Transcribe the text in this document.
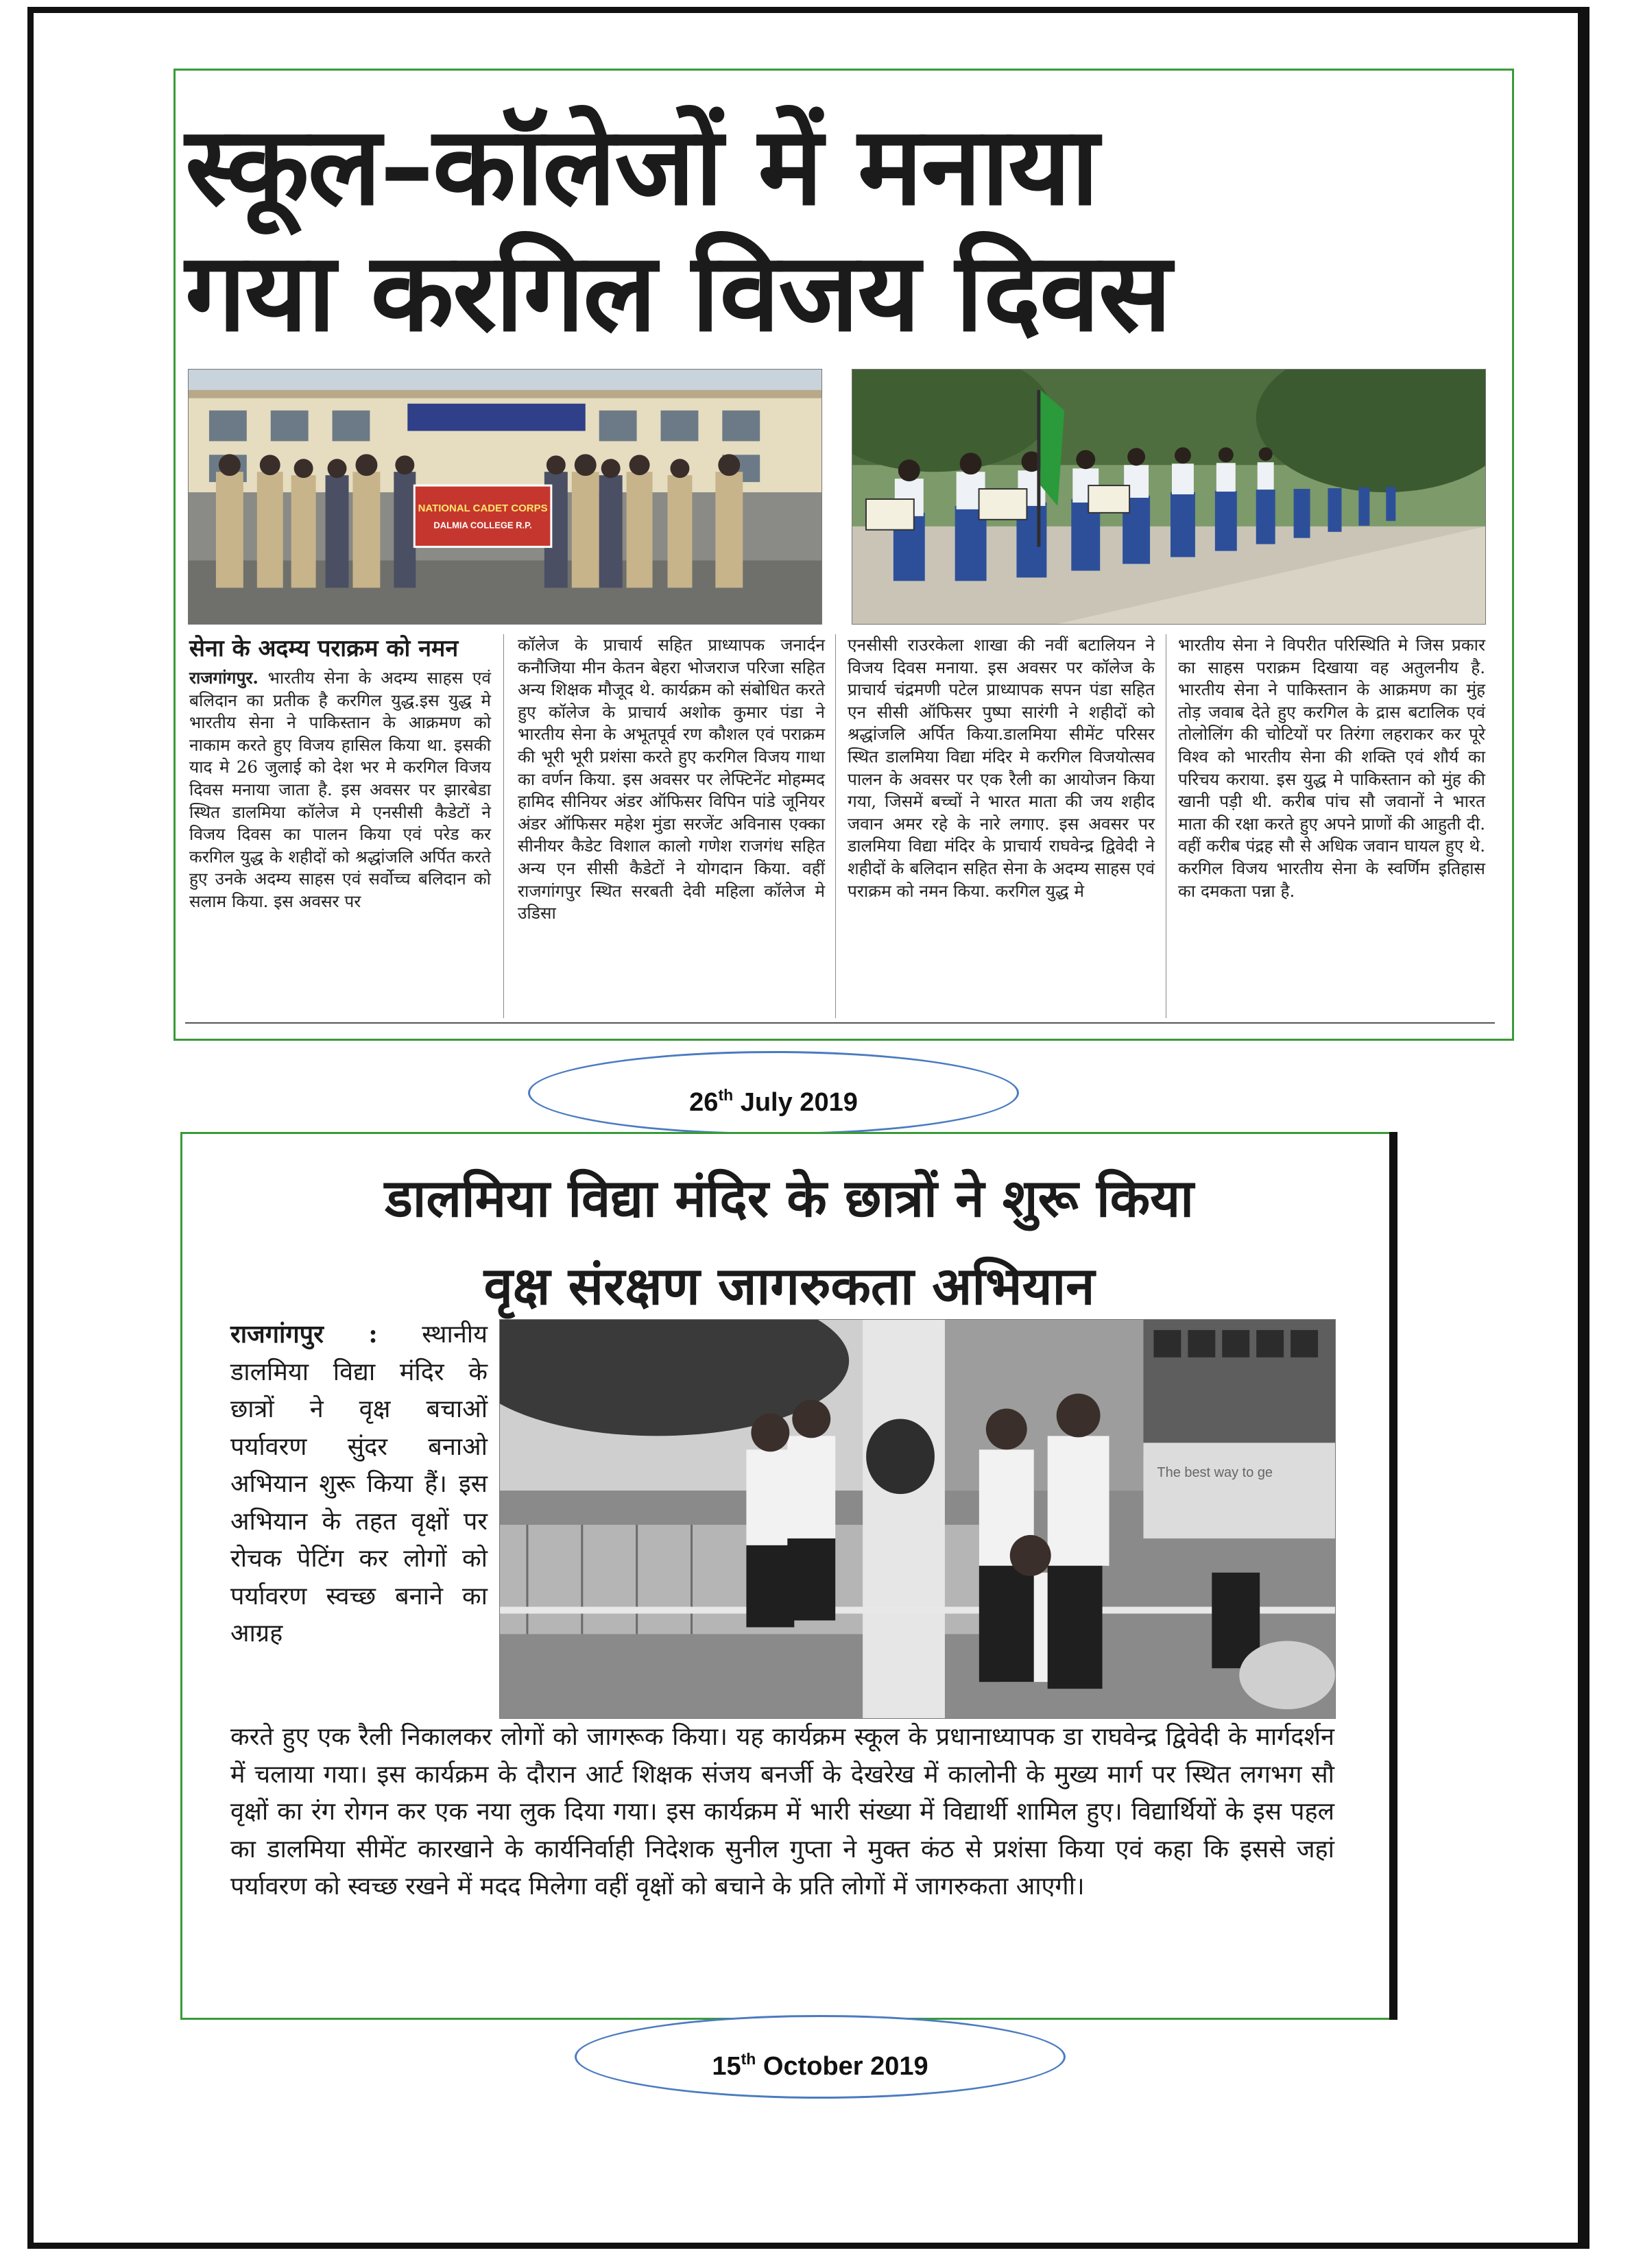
स्कूल–कॉलेजों में मनाया
गया करगिल विजय दिवस
NATIONAL CADET CORPS
DALMIA COLLEGE R.P.
सेना के अदम्य पराक्रम को नमन
राजगांगपुर. भारतीय सेना के अदम्य साहस एवं बलिदान का प्रतीक है करगिल युद्ध.इस युद्ध मे भारतीय सेना ने पाकिस्तान के आक्रमण को नाकाम करते हुए विजय हासिल किया था. इसकी याद मे 26 जुलाई को देश भर मे करगिल विजय दिवस मनाया जाता है. इस अवसर पर झारबेडा स्थित डालमिया कॉलेज मे एनसीसी कैडेटों ने विजय दिवस का पालन किया एवं परेड कर करगिल युद्ध के शहीदों को श्रद्धांजलि अर्पित करते हुए उनके अदम्य साहस एवं सर्वोच्च बलिदान को सलाम किया. इस अवसर पर
कॉलेज के प्राचार्य सहित प्राध्यापक जनार्दन कनौजिया मीन केतन बेहरा भोजराज परिजा सहित अन्य शिक्षक मौजूद थे. कार्यक्रम को संबोधित करते हुए कॉलेज के प्राचार्य अशोक कुमार पंडा ने भारतीय सेना के अभूतपूर्व रण कौशल एवं पराक्रम की भूरी भूरी प्रशंसा करते हुए करगिल विजय गाथा का वर्णन किया. इस अवसर पर लेफ्टिनेंट मोहम्मद हामिद सीनियर अंडर ऑफिसर विपिन पांडे जूनियर अंडर ऑफिसर महेश मुंडा सरजेंट अविनास एक्का सीनीयर कैडेट विशाल कालो गणेश राजगंध सहित अन्य एन सीसी कैडेटों ने योगदान किया. वहीं राजगांगपुर स्थित सरबती देवी महिला कॉलेज मे उडिसा
एनसीसी राउरकेला शाखा की नवीं बटालियन ने विजय दिवस मनाया. इस अवसर पर कॉलेज के प्राचार्य चंद्रमणी पटेल प्राध्यापक सपन पंडा सहित एन सीसी ऑफिसर पुष्पा सारंगी ने शहीदों को श्रद्धांजलि अर्पित किया.डालमिया सीमेंट परिसर स्थित डालमिया विद्या मंदिर मे करगिल विजयोत्सव पालन के अवसर पर एक रैली का आयोजन किया गया, जिसमें बच्चों ने भारत माता की जय शहीद जवान अमर रहे के नारे लगाए. इस अवसर पर डालमिया विद्या मंदिर के प्राचार्य राघवेन्द्र द्विवेदी ने शहीदों के बलिदान सहित सेना के अदम्य साहस एवं पराक्रम को नमन किया. करगिल युद्ध मे
भारतीय सेना ने विपरीत परिस्थिति मे जिस प्रकार का साहस पराक्रम दिखाया वह अतुलनीय है. भारतीय सेना ने पाकिस्तान के आक्रमण का मुंह तोड़ जवाब देते हुए करगिल के द्रास बटालिक एवं तोलोलिंग की चोटियों पर तिरंगा लहराकर कर पूरे विश्व को भारतीय सेना की शक्ति एवं शौर्य का परिचय कराया. इस युद्ध मे पाकिस्तान को मुंह की खानी पड़ी थी. करीब पांच सौ जवानों ने भारत माता की रक्षा करते हुए अपने प्राणों की आहुती दी. वहीं करीब पंद्रह सौ से अधिक जवान घायल हुए थे. करगिल विजय भारतीय सेना के स्वर्णिम इतिहास का दमकता पन्ना है.
26th July 2019
डालमिया विद्या मंदिर के छात्रों ने शुरू किया
वृक्ष संरक्षण जागरुकता अभियान
राजगांगपुर : स्थानीय डालमिया विद्या मंदिर के छात्रों ने वृक्ष बचाओं पर्यावरण सुंदर बनाओ अभियान शुरू किया हैं। इस अभियान के तहत वृक्षों पर रोचक पेटिंग कर लोगों को पर्यावरण स्वच्छ बनाने का आग्रह
The best way to ge
करते हुए एक रैली निकालकर लोगों को जागरूक किया। यह कार्यक्रम स्कूल के प्रधानाध्यापक डा राघवेन्द्र द्विवेदी के मार्गदर्शन में चलाया गया। इस कार्यक्रम के दौरान आर्ट शिक्षक संजय बनर्जी के देखरेख में कालोनी के मुख्य मार्ग पर स्थित लगभग सौ वृक्षों का रंग रोगन कर एक नया लुक दिया गया। इस कार्यक्रम में भारी संख्या में विद्यार्थी शामिल हुए। विद्यार्थियों के इस पहल का डालमिया सीमेंट कारखाने के कार्यनिर्वाही निदेशक सुनील गुप्ता ने मुक्त कंठ से प्रशंसा किया एवं कहा कि इससे जहां पर्यावरण को स्वच्छ रखने में मदद मिलेगा वहीं वृक्षों को बचाने के प्रति लोगों में जागरुकता आएगी।
15th October 2019
